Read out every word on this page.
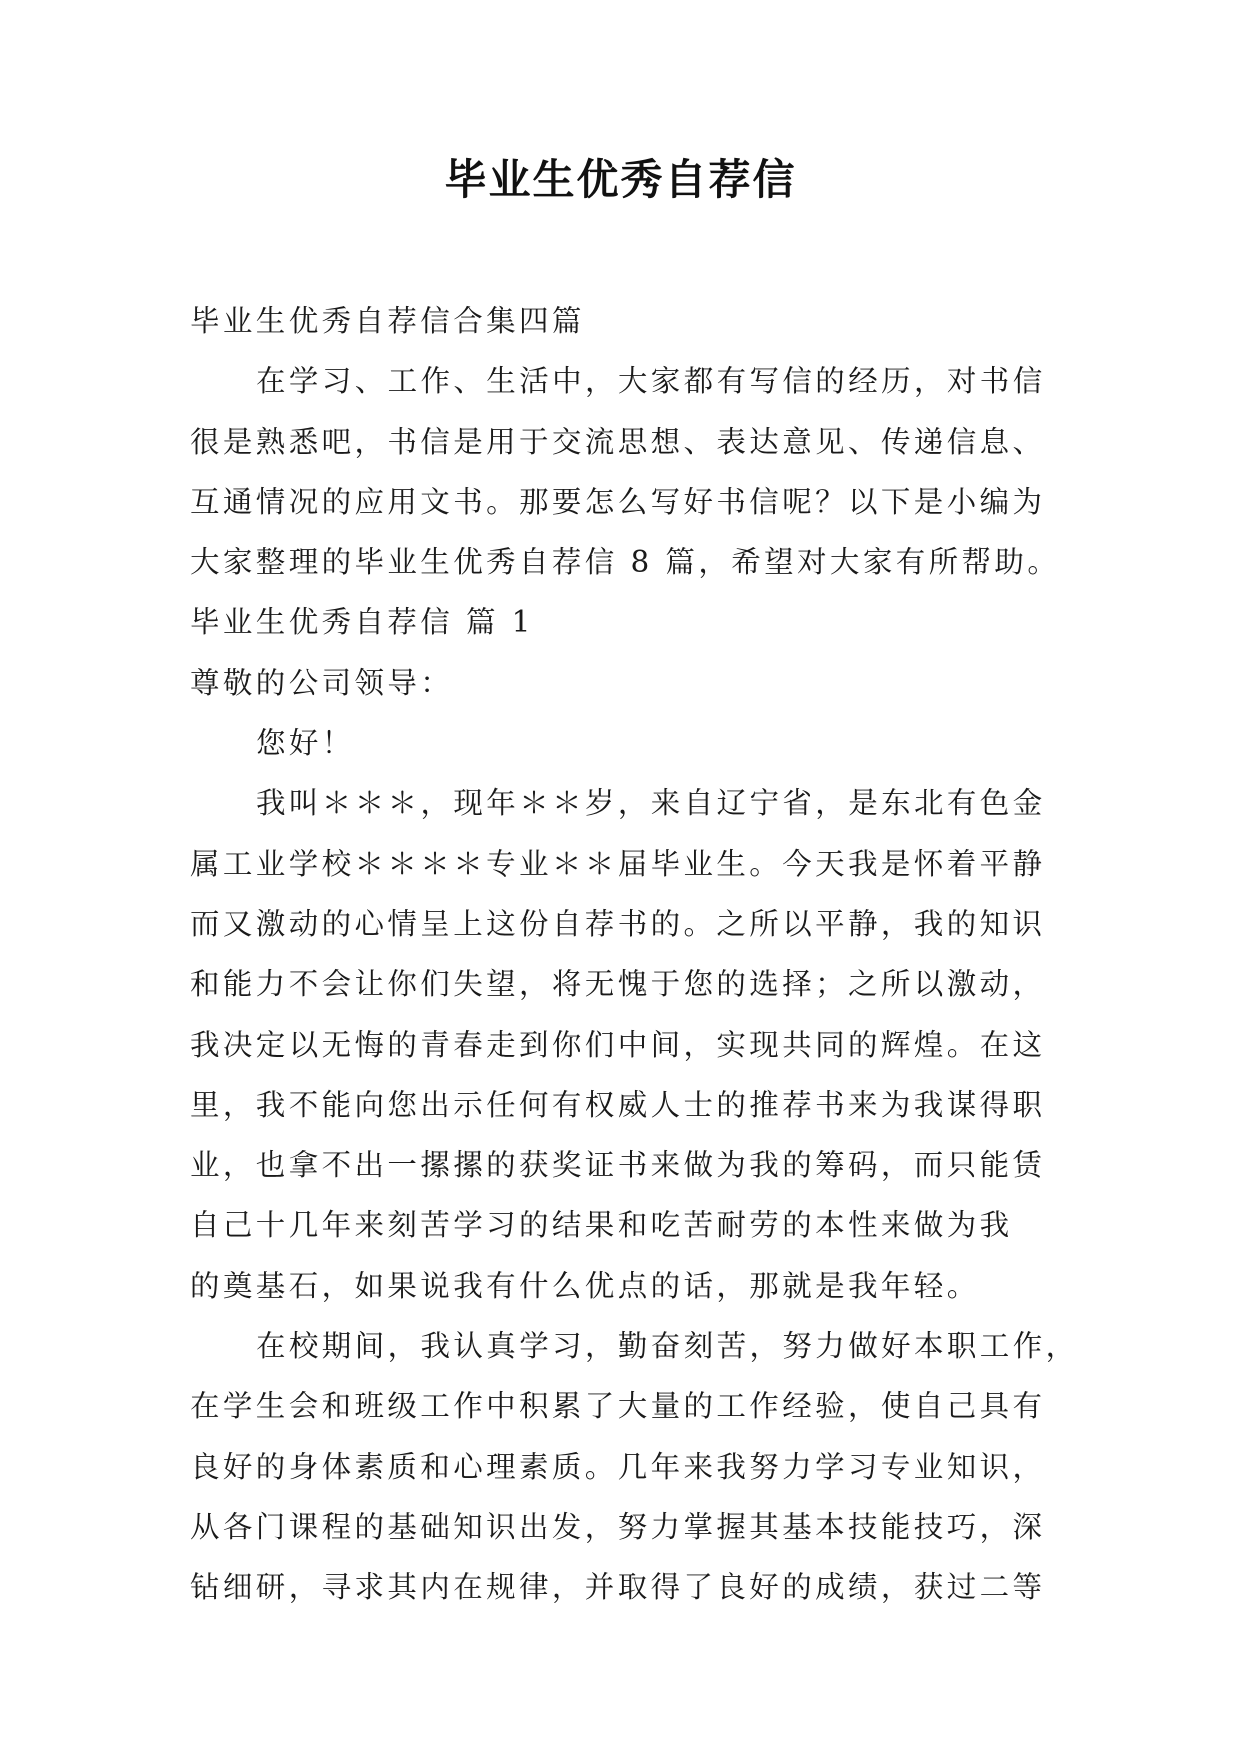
毕业生优秀自荐信
毕业生优秀自荐信合集四篇
在学习、工作、生活中，大家都有写信的经历，对书信
很是熟悉吧，书信是用于交流思想、表达意见、传递信息、
互通情况的应用文书。那要怎么写好书信呢？以下是小编为
大家整理的毕业生优秀自荐信 8 篇，希望对大家有所帮助。
毕业生优秀自荐信 篇 1
尊敬的公司领导：
您好！
我叫＊＊＊，现年＊＊岁，来自辽宁省，是东北有色金
属工业学校＊＊＊＊专业＊＊届毕业生。今天我是怀着平静
而又激动的心情呈上这份自荐书的。之所以平静，我的知识
和能力不会让你们失望，将无愧于您的选择；之所以激动，
我决定以无悔的青春走到你们中间，实现共同的辉煌。在这
里，我不能向您出示任何有权威人士的推荐书来为我谋得职
业，也拿不出一摞摞的获奖证书来做为我的筹码，而只能赁
自己十几年来刻苦学习的结果和吃苦耐劳的本性来做为我
的奠基石，如果说我有什么优点的话，那就是我年轻。
在校期间，我认真学习，勤奋刻苦，努力做好本职工作，
在学生会和班级工作中积累了大量的工作经验，使自己具有
良好的身体素质和心理素质。几年来我努力学习专业知识，
从各门课程的基础知识出发，努力掌握其基本技能技巧，深
钻细研，寻求其内在规律，并取得了良好的成绩，获过二等
